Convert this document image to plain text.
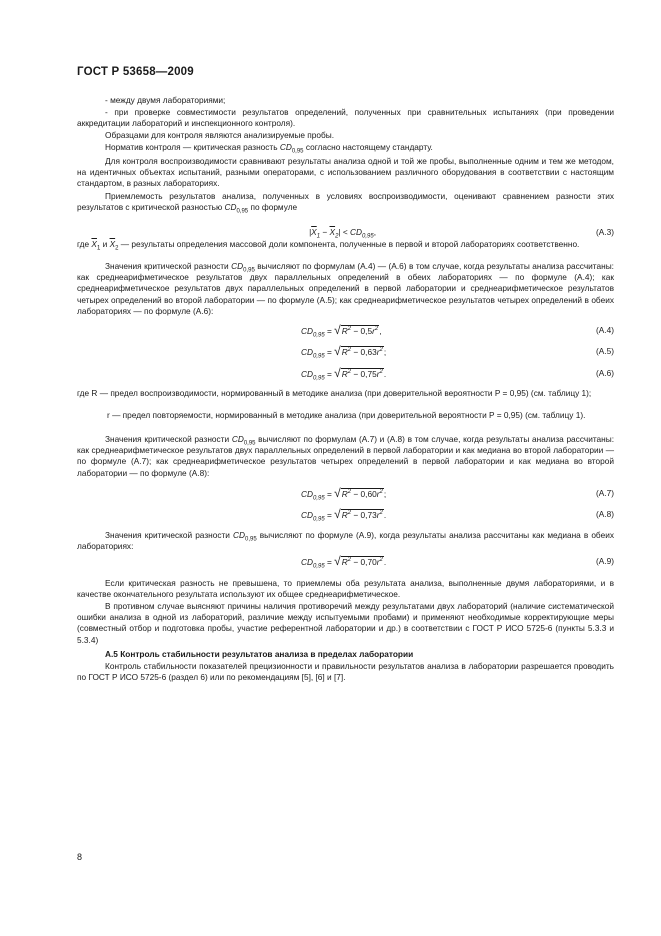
ГОСТ Р 53658—2009
- между двумя лабораториями;
- при проверке совместимости результатов определений, полученных при сравнительных испытаниях (при проведении аккредитации лабораторий и инспекционного контроля).
Образцами для контроля являются анализируемые пробы.
Норматив контроля — критическая разность $CD_{0,95}$ согласно настоящему стандарту.
Для контроля воспроизводимости сравнивают результаты анализа одной и той же пробы, выполненные одним и тем же методом, на идентичных объектах испытаний, разными операторами, с использованием различного оборудования в соответствии с настоящим стандартом, в разных лабораториях.
Приемлемость результатов анализа, полученных в условиях воспроизводимости, оценивают сравнением разности этих результатов с критической разностью $CD_{0,95}$ по формуле
$|\overline{X}_1 - \overline{X}_2| < CD_{0,95}$,	(А.3)
где $\overline{X}_1$ и $\overline{X}_2$ — результаты определения массовой доли компонента, полученные в первой и второй лабораториях соответственно.
Значения критической разности $CD_{0,95}$ вычисляют по формулам (А.4) — (А.6) в том случае, когда результаты анализа рассчитаны: как среднеарифметическое результатов двух параллельных определений в обеих лабораториях — по формуле (А.4); как среднеарифметическое результатов двух параллельных определений в первой лаборатории и среднеарифметическое результатов четырех определений во второй лаборатории — по формуле (А.5); как среднеарифметическое результатов четырех определений в обеих лабораториях — по формуле (А.6):
$CD_{0,95} = √R^2 - 0,5r^2$,	(А.4)
$CD_{0,95} = √R^2 - 0,63r^2$;	(А.5)
$CD_{0,95} = √R^2 - 0,75r^2$.	(А.6)
где R — предел воспроизводимости, нормированный в методике анализа (при доверительной вероятности P = 0,95) (см. таблицу 1);
r — предел повторяемости, нормированный в методике анализа (при доверительной вероятности P = 0,95) (см. таблицу 1).
Значения критической разности $CD_{0,95}$ вычисляют по формулам (А.7) и (А.8) в том случае, когда результаты анализа рассчитаны: как среднеарифметическое результатов двух параллельных определений в первой лаборатории и как медиана во второй лаборатории — по формуле (А.7); как среднеарифметическое результатов четырех определений в первой лаборатории и как медиана во второй лаборатории — по формуле (А.8):
$CD_{0,95} = √R^2 - 0,60r^2$;	(А.7)
$CD_{0,95} = √R^2 - 0,73r^2$.	(А.8)
Значения критической разности $CD_{0,95}$ вычисляют по формуле (А.9), когда результаты анализа рассчитаны как медиана в обеих лабораториях:
$CD_{0,95} = √R^2 - 0,70r^2$.	(А.9)
Если критическая разность не превышена, то приемлемы оба результата анализа, выполненные двумя лабораториями, и в качестве окончательного результата используют их общее среднеарифметическое.
В противном случае выясняют причины наличия противоречий между результатами двух лабораторий (наличие систематической ошибки анализа в одной из лабораторий, различие между испытуемыми пробами) и применяют необходимые корректирующие меры (совместный отбор и подготовка пробы, участие референтной лаборатории и др.) в соответствии с ГОСТ Р ИСО 5725-6 (пункты 5.3.3 и 5.3.4)
А.5 Контроль стабильности результатов анализа в пределах лаборатории
Контроль стабильности показателей прецизионности и правильности результатов анализа в лаборатории разрешается проводить по ГОСТ Р ИСО 5725-6 (раздел 6) или по рекомендациям [5], [6] и [7].
8
